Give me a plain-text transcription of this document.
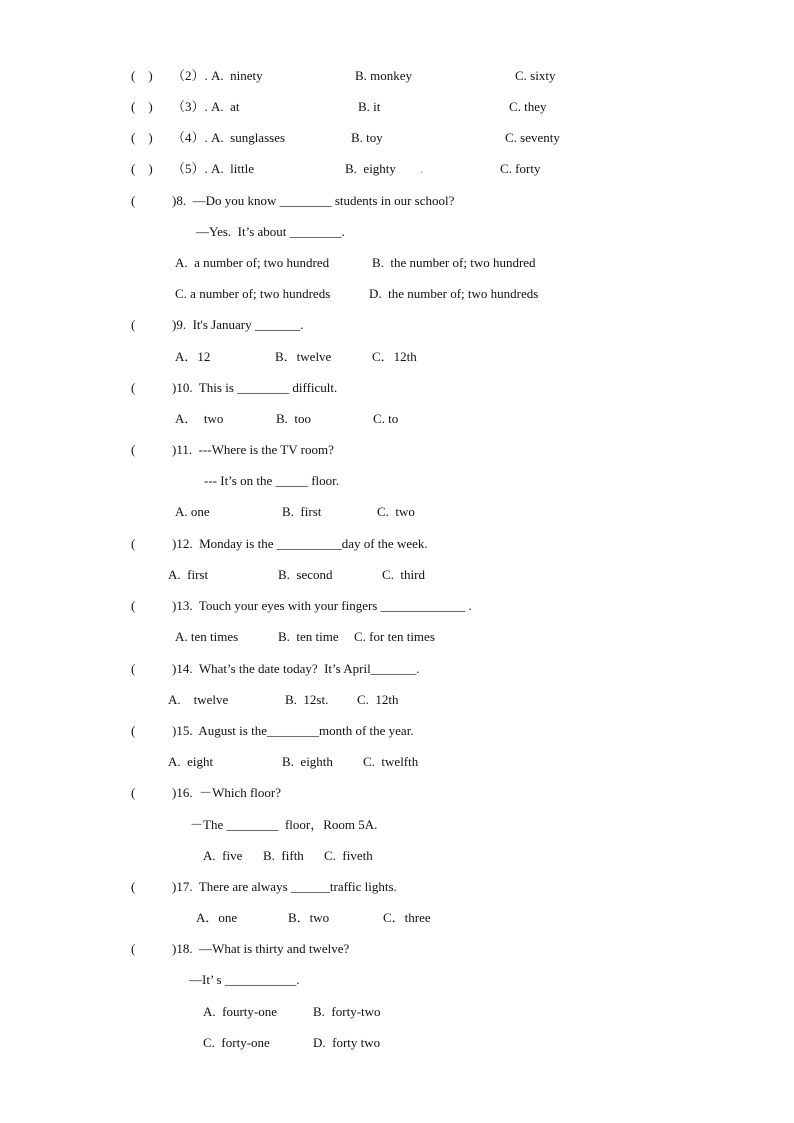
(    ) （2）. A.  ninety	B. monkey	C. sixty
(    ) （3）. A.  at	B. it	C. they
(    ) （4）. A.  sunglasses	B. toy	C. seventy
(    ) （5）. A.  little	B.  eighty .	C. forty
(	)8.  —Do you know ________ students in our school?
—Yes.  It’s about ________.
A.  a number of; two hundred	B.  the number of; two hundred
C. a number of; two hundreds	D.  the number of; two hundreds
(	)9.  It's January _______.
A．12	B．twelve	C．12th
(	)10.  This is ________ difficult.
A．  two	B.  too	C. to
(	)11.  ---Where is the TV room?
--- It’s on the _____ floor.
A. one	B.  first	C.  two
(	)12.  Monday is the __________day of the week.
A.  first	B.  second	C.  third
(	)13.  Touch your eyes with your fingers _____________ .
A. ten times	B.  ten time C. for ten times
(	)14.  What’s the date today?  It’s April_______.
A.    twelve	B.  12st. C.  12th
(	)15.  August is the________month of the year.
A.  eight	B.  eighth C.  twelfth
(	)16.  －Which floor?
－The ________  floor，Room 5A.
A.  five B.  fifth C.  fiveth
(	)17.  There are always ______traffic lights.
A．one	B．two	C．three
(	)18.  —What is thirty and twelve?
—It’ s ___________.
A.  fourty-one	B.  forty-two
C.  forty-one	D.  forty two
